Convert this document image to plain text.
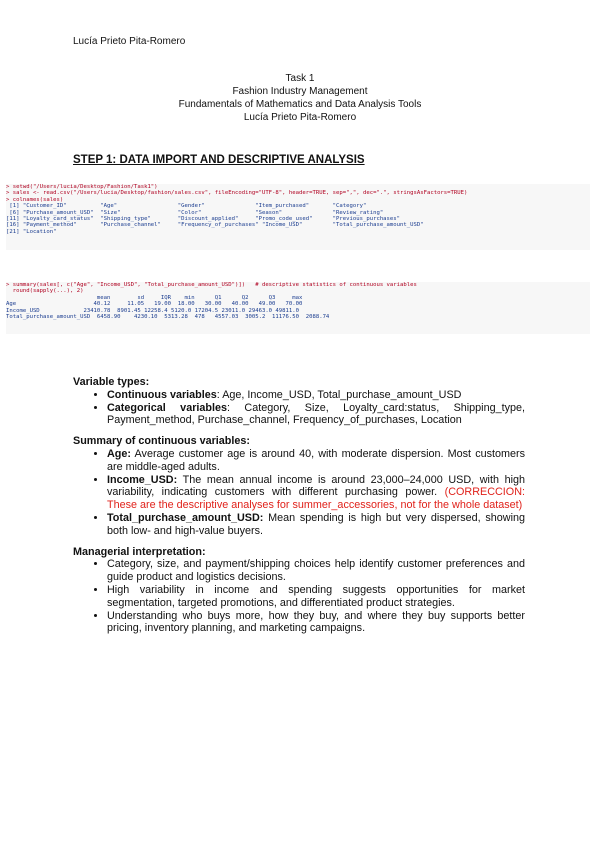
Lucía Prieto Pita-Romero
Task 1
Fashion Industry Management
Fundamentals of Mathematics and Data Analysis Tools
Lucía Prieto Pita-Romero
STEP 1: DATA IMPORT AND DESCRIPTIVE ANALYSIS
> setwd("/Users/lucia/Desktop/Fashion/Task1")
> sales <- read.csv("/Users/lucia/Desktop/fashion/sales.csv", fileEncoding="UTF-8", header=TRUE, sep=",", dec=".", stringsAsFactors=TRUE)
> colnames(sales)
[1] "Customer_ID"          "Age"                  "Gender"               "Item_purchased"       "Category"
[6] "Purchase_amount_USD"  "Size"                 "Color"                "Season"               "Review_rating"
[11] "Loyalty_card_status"  "Shipping_type"        "Discount_applied"     "Promo_code_used"      "Previous_purchases"
[16] "Payment_method"       "Purchase_channel"     "Frequency_of_purchases" "Income_USD"         "Total_purchase_amount_USD"
[21] "Location"
> summary(sales[, c("Age", "Income_USD", "Total_purchase_amount_USD")])   # descriptive statistics of continuous variables
round(sapply(...), 2)
mean        sd     IQR    min      Q1      Q2      Q3     max
Age                       40.12     11.05   19.00  18.00   30.00   40.00   49.00   70.00
Income_USD             23410.78  8901.45 12258.4 5120.0 17204.5 23011.0 29463.0 49811.0
Total_purchase_amount_USD  6458.90    4230.10  5313.28  478   4557.03  3005.2  11176.50  2088.74

Variable types:

• Continuous variables: Age, Income_USD, Total_purchase_amount_USD
• Categorical variables: Category, Size, Loyalty_card:status, Shipping_type, Payment_method, Purchase_channel, Frequency_of_purchases, Location

Summary of continuous variables:

• Age: Average customer age is around 40, with moderate dispersion. Most customers are middle-aged adults.
• Income_USD: The mean annual income is around 23,000–24,000 USD, with high variability, indicating customers with different purchasing power. (CORRECCION: These are the descriptive analyses for summer_accessories, not for the whole dataset)
• Total_purchase_amount_USD: Mean spending is high but very dispersed, showing both low- and high-value buyers.

Managerial interpretation:

• Category, size, and payment/shipping choices help identify customer preferences and guide product and logistics decisions.
• High variability in income and spending suggests opportunities for market segmentation, targeted promotions, and differentiated product strategies.
• Understanding who buys more, how they buy, and where they buy supports better pricing, inventory planning, and marketing campaigns.
